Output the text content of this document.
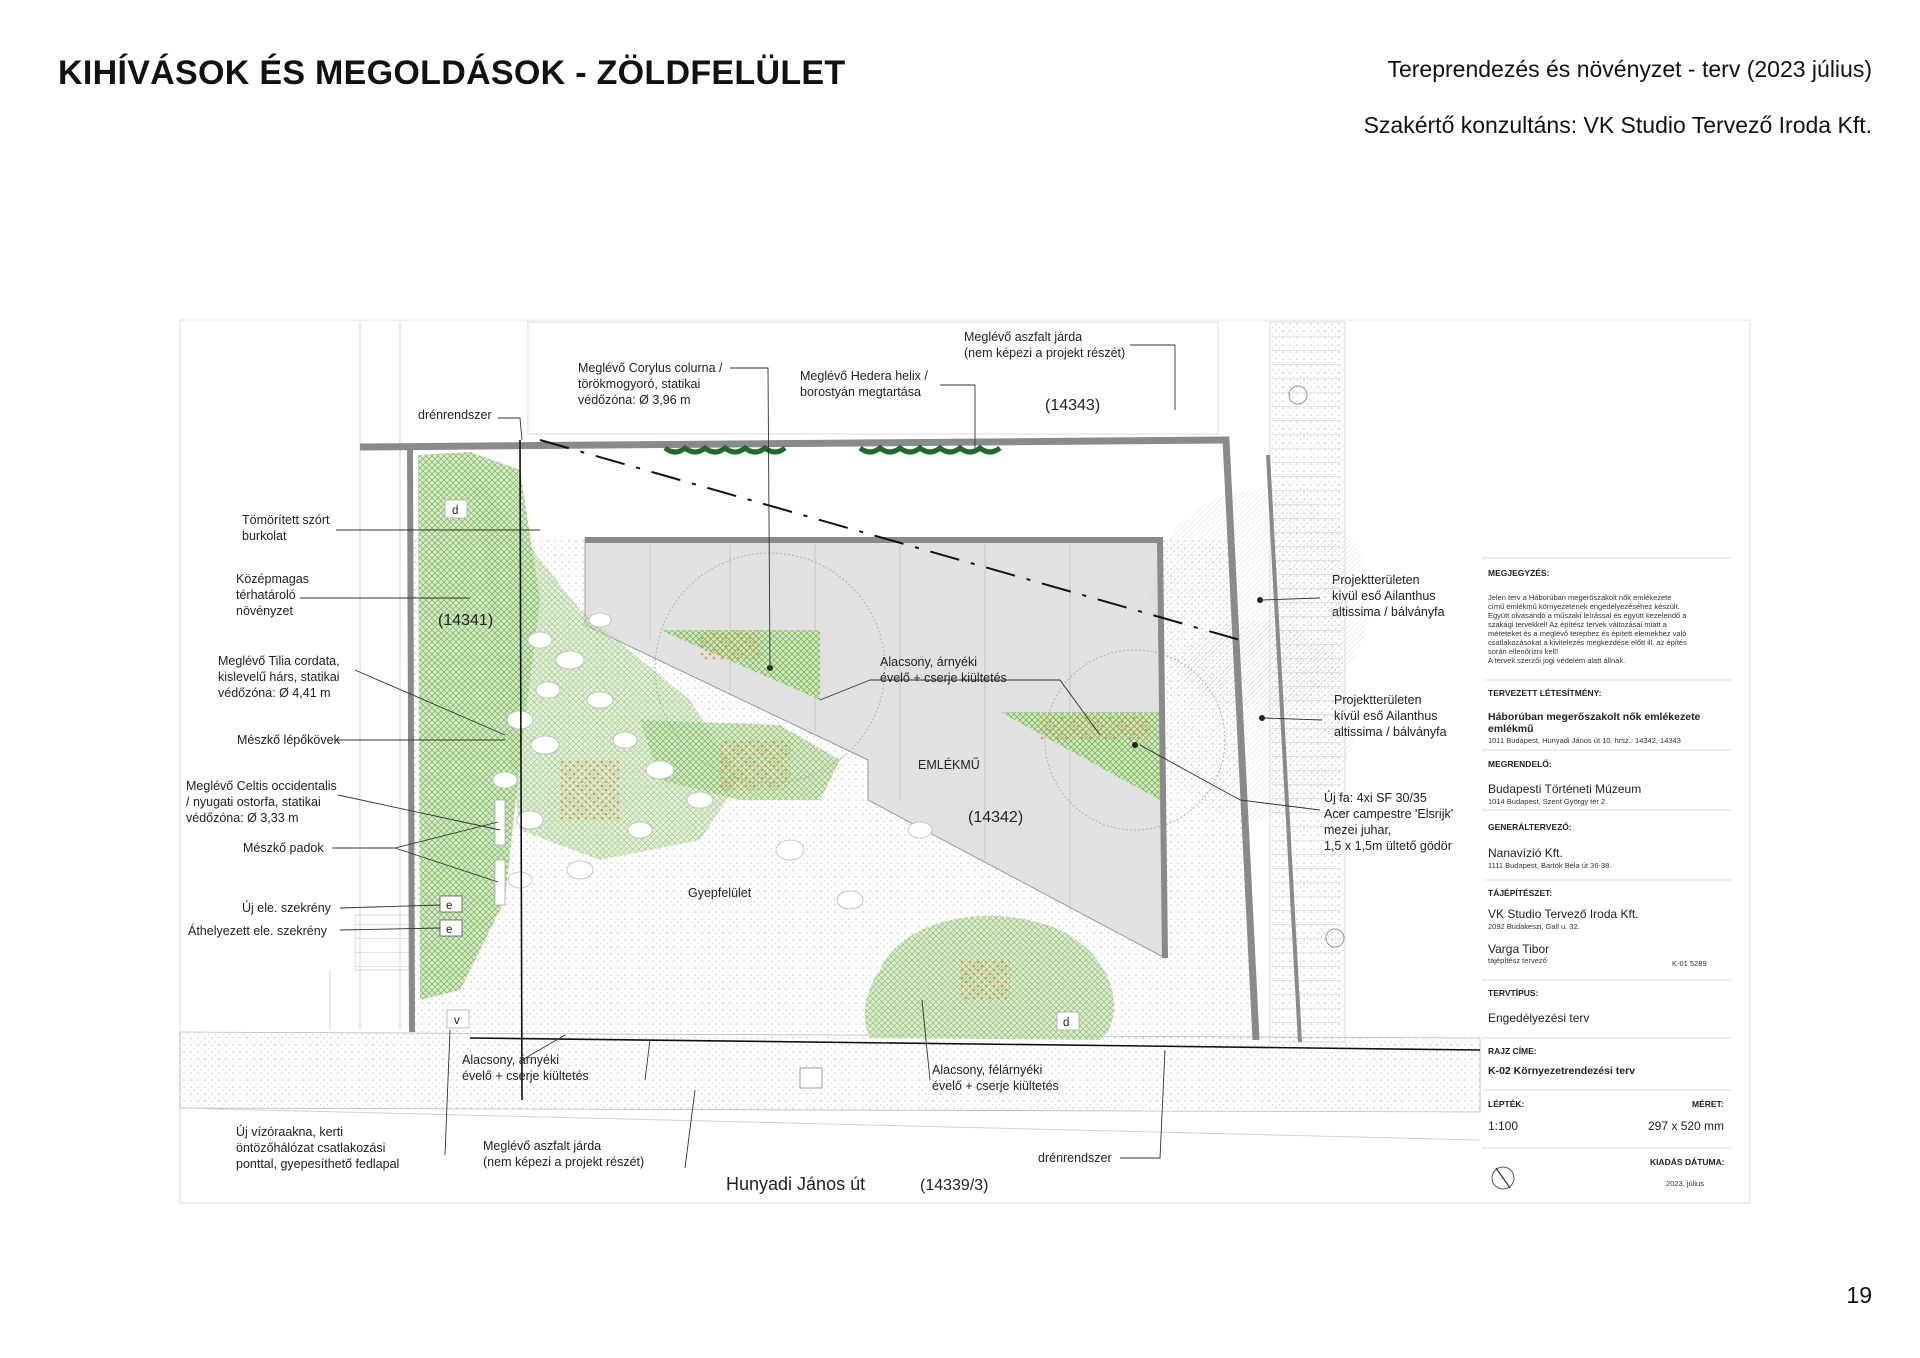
KIHÍVÁSOK ÉS MEGOLDÁSOK - ZÖLDFELÜLET	Tereprendezés és növényzet - terv (2023 július)
Szakértő konzultáns: VK Studio Tervező Iroda Kft.
19
d
e
e
v	d
(14343)
(14341)
(14342)
EMLÉKMŰ
Gyepfelület
drénrendszer
Tömörített szórt
burkolat
Középmagas
térhatároló
növényzet
Meglévő Tilia cordata,
kislevelű hárs, statikai
védőzóna: Ø 4,41 m
Mészkő lépőkövek
Meglévő Celtis occidentalis
/ nyugati ostorfa, statikai
védőzóna: Ø 3,33 m
Mészkő padok
Új ele. szekrény
Áthelyezett ele. szekrény
Meglévő Corylus colurna /
törökmogyoró, statikai
védőzóna: Ø 3,96 m
Meglévő Hedera helix /
borostyán megtartása
Meglévő aszfalt járda
(nem képezi a projekt részét)
Alacsony, árnyéki
évelő + cserje kiültetés
Projektterületen
kívül eső Ailanthus
altissima / bálványfa
Projektterületen
kívül eső Ailanthus
altissima / bálványfa
Új fa: 4xi SF 30/35
Acer campestre 'Elsrijk'
mezei juhar,
1,5 x 1,5m ültető gödör
Alacsony, árnyéki
évelő + cserje kiültetés	Alacsony, félárnyéki
évelő + cserje kiültetés
Új vízóraakna, kerti
öntözőhálózat csatlakozási
ponttal, gyepesíthető fedlapal
Meglévő aszfalt járda
(nem képezi a projekt részét)	drénrendszer
Hunyadi János út	(14339/3)
MEGJEGYZÉS:
Jelen terv a Háborúban megerőszakolt nők emlékezete
című emlékmű környezetének engedélyezéséhez készült.
Együtt olvasandó a műszaki leírással és együtt kezelendő a
szakági tervekkel! Az építész tervek változásai miatt a
méreteket és a meglévő terephez és épített elemekhez való
csatlakozásokat a kivitelezés megkezdése előtt ill. az építés
során ellenőrizni kell!
A tervek szerzői jogi védelem alatt állnak.
TERVEZETT LÉTESÍTMÉNY:
Háborúban megerőszakolt nők emlékezete
emlékmű
1011 Budapest, Hunyadi János út 10. hrsz.: 14342, 14343
MEGRENDELŐ:
Budapesti Történeti Múzeum
1014 Budapest, Szent György tér 2.
GENERÁLTERVEZŐ:
Nanavízió Kft.
1111 Budapest, Bartók Béla út 36-38.
TÁJÉPÍTÉSZET:
VK Studio Tervező Iroda Kft.
2092 Budakeszi, Gall u. 32.
Varga Tibor
tájépítész tervező	K-01 5289
TERVTÍPUS:
Engedélyezési terv
RAJZ CÍME:
K-02 Környezetrendezési terv
LÉPTÉK:	MÉRET:
1:100	297 x 520 mm
KIADÁS DÁTUMA:
2023. július
